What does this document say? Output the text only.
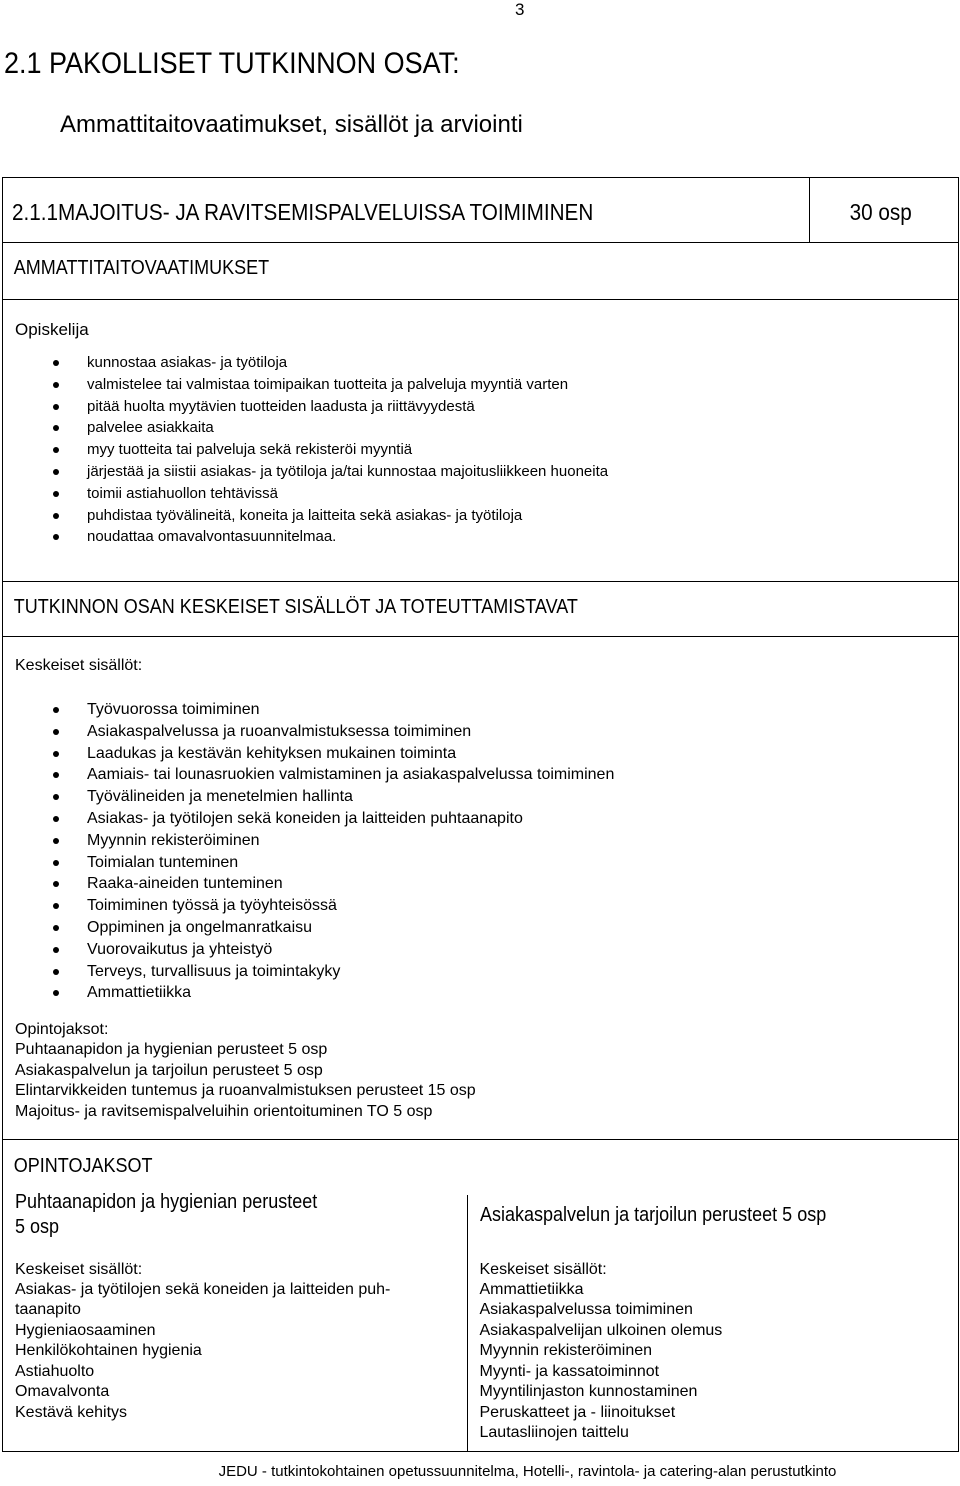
3
2.1 PAKOLLISET TUTKINNON OSAT:
Ammattitaitovaatimukset, sisällöt ja arviointi
2.1.1MAJOITUS- JA RAVITSEMISPALVELUISSA TOIMIMINEN	30 osp

AMMATTITAITOVAATIMUKSET

Opiskelija
kunnostaa asiakas- ja työtiloja
valmistelee tai valmistaa toimipaikan tuotteita ja palveluja myyntiä varten
pitää huolta myytävien tuotteiden laadusta ja riittävyydestä
palvelee asiakkaita
myy tuotteita tai palveluja sekä rekisteröi myyntiä
järjestää ja siistii asiakas- ja työtiloja ja/tai kunnostaa majoitusliikkeen huoneita
toimii astiahuollon tehtävissä
puhdistaa työvälineitä, koneita ja laitteita sekä asiakas- ja työtiloja
noudattaa omavalvontasuunnitelmaa.

TUTKINNON OSAN KESKEISET SISÄLLÖT JA TOTEUTTAMISTAVAT

Keskeiset sisällöt:
Työvuorossa toimiminen
Asiakaspalvelussa ja ruoanvalmistuksessa toimiminen
Laadukas ja kestävän kehityksen mukainen toiminta
Aamiais- tai lounasruokien valmistaminen ja asiakaspalvelussa toimiminen
Työvälineiden ja menetelmien hallinta
Asiakas- ja työtilojen sekä koneiden ja laitteiden puhtaanapito
Myynnin rekisteröiminen
Toimialan tunteminen
Raaka-aineiden tunteminen
Toimiminen työssä ja työyhteisössä
Oppiminen ja ongelmanratkaisu
Vuorovaikutus ja yhteistyö
Terveys, turvallisuus ja toimintakyky
Ammattietiikka
Opintojaksot:
Puhtaanapidon ja hygienian perusteet 5 osp
Asiakaspalvelun ja tarjoilun perusteet 5 osp
Elintarvikkeiden tuntemus ja ruoanvalmistuksen perusteet 15 osp
Majoitus- ja ravitsemispalveluihin orientoituminen TO 5 osp

OPINTOJAKSOT

Puhtaanapidon ja hygienian perusteet
5 osp
Keskeiset sisällöt:
Asiakas- ja työtilojen sekä koneiden ja laitteiden puh-
taanapito
Hygieniaosaaminen
Henkilökohtainen hygienia
Astiahuolto
Omavalvonta
Kestävä kehitys

Asiakaspalvelun ja tarjoilun perusteet 5 osp
Keskeiset sisällöt:
Ammattietiikka
Asiakaspalvelussa toimiminen
Asiakaspalvelijan ulkoinen olemus
Myynnin rekisteröiminen
Myynti- ja kassatoiminnot
Myyntilinjaston kunnostaminen
Peruskatteet ja - liinoitukset
Lautasliinojen taittelu
JEDU - tutkintokohtainen opetussuunnitelma, Hotelli-, ravintola- ja catering-alan perustutkinto
